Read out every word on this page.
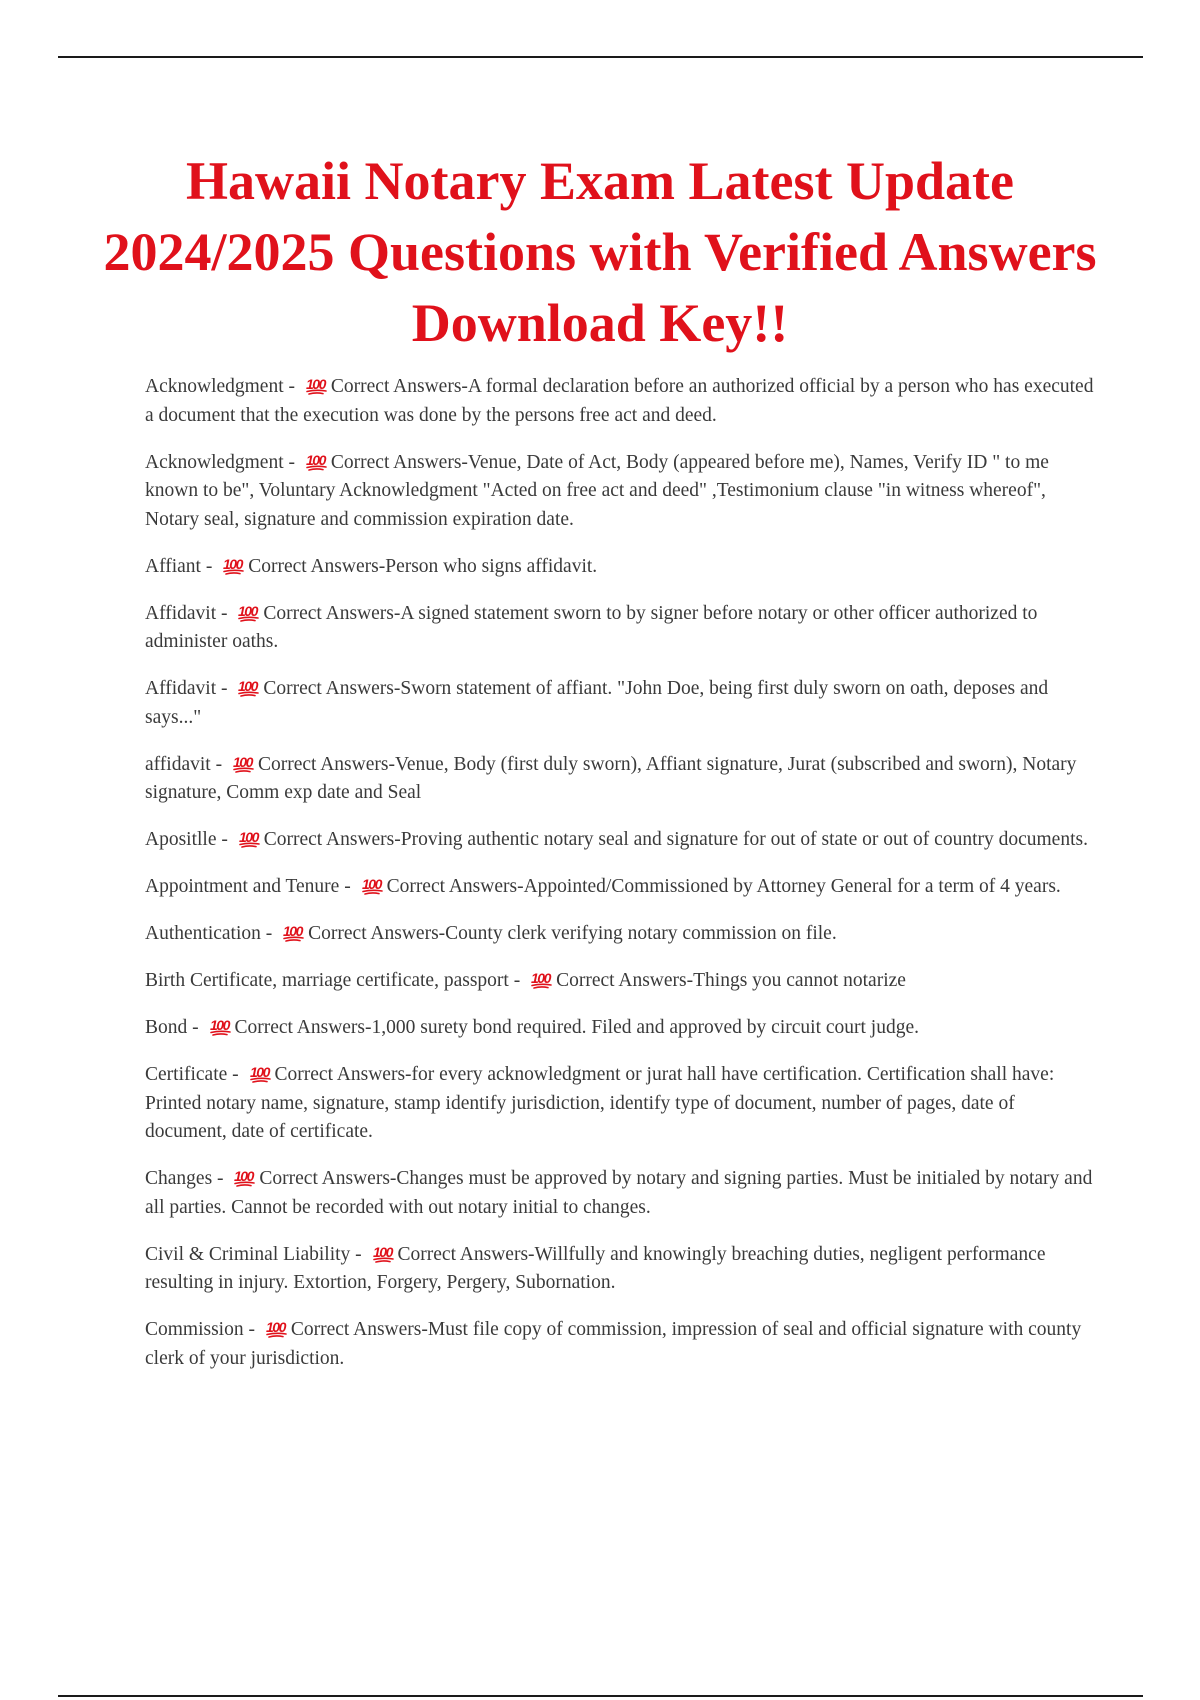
Hawaii Notary Exam Latest Update 2024/2025 Questions with Verified Answers Download Key!!

Acknowledgment - 100 Correct Answers-A formal declaration before an authorized official by a person who has executed a document that the execution was done by the persons free act and deed.

Acknowledgment - 100 Correct Answers-Venue, Date of Act, Body (appeared before me), Names, Verify ID " to me known to be", Voluntary Acknowledgment "Acted on free act and deed" ,Testimonium clause "in witness whereof", Notary seal, signature and commission expiration date.

Affiant - 100 Correct Answers-Person who signs affidavit.

Affidavit - 100 Correct Answers-A signed statement sworn to by signer before notary or other officer authorized to administer oaths.

Affidavit - 100 Correct Answers-Sworn statement of affiant. "John Doe, being first duly sworn on oath, deposes and says..."

affidavit - 100 Correct Answers-Venue, Body (first duly sworn), Affiant signature, Jurat (subscribed and sworn), Notary signature, Comm exp date and Seal

Apositlle - 100 Correct Answers-Proving authentic notary seal and signature for out of state or out of country documents.

Appointment and Tenure - 100 Correct Answers-Appointed/Commissioned by Attorney General for a term of 4 years.

Authentication - 100 Correct Answers-County clerk verifying notary commission on file.

Birth Certificate, marriage certificate, passport - 100 Correct Answers-Things you cannot notarize

Bond - 100 Correct Answers-1,000 surety bond required. Filed and approved by circuit court judge.

Certificate - 100 Correct Answers-for every acknowledgment or jurat hall have certification. Certification shall have: Printed notary name, signature, stamp identify jurisdiction, identify type of document, number of pages, date of document, date of certificate.

Changes - 100 Correct Answers-Changes must be approved by notary and signing parties. Must be initialed by notary and all parties. Cannot be recorded with out notary initial to changes.

Civil & Criminal Liability - 100 Correct Answers-Willfully and knowingly breaching duties, negligent performance resulting in injury. Extortion, Forgery, Pergery, Subornation.

Commission - 100 Correct Answers-Must file copy of commission, impression of seal and official signature with county clerk of your jurisdiction.
